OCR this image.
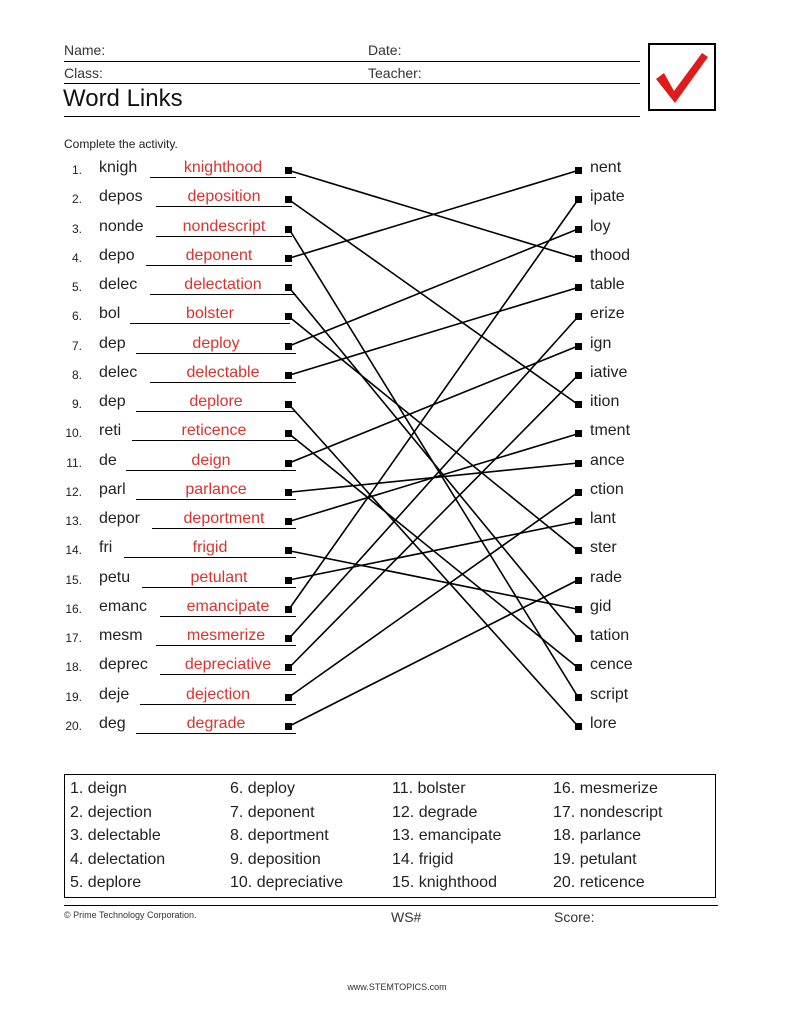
Name:	Date:
Class:	Teacher:
Word Links
Complete the activity.
1. knigh	knighthood
2. depos	deposition
3. nonde	nondescript
4. depo	deponent
5. delec	delectation
6. bol	bolster
7. dep	deploy
8. delec	delectable
9. dep	deplore
10. reti	reticence
11. de	deign
12. parl	parlance
13. depor	deportment
14. fri	frigid
15. petu	petulant
16. emanc	emancipate
17. mesm	mesmerize
18. deprec	depreciative
19. deje	dejection
20. deg	degrade
nent
ipate
loy
thood
table
erize
ign
iative
ition
tment
ance
ction
lant
ster
rade
gid
tation
cence
script
lore
1. deign
2. dejection
3. delectable
4. delectation
5. deplore
6. deploy
7. deponent
8. deportment
9. deposition
10. depreciative
11. bolster
12. degrade
13. emancipate
14. frigid
15. knighthood
16. mesmerize
17. nondescript
18. parlance
19. petulant
20. reticence
© Prime Technology Corporation.	WS#	Score:
www.STEMTOPICS.com
